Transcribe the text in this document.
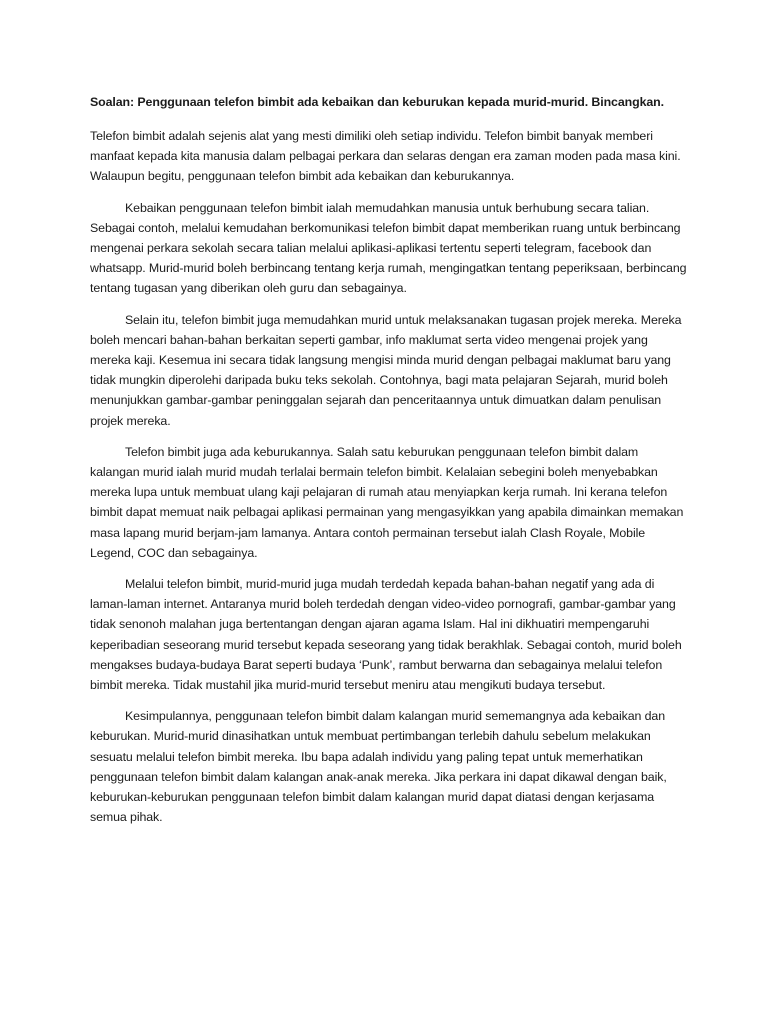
Soalan: Penggunaan telefon bimbit ada kebaikan dan keburukan kepada murid-murid. Bincangkan.

Telefon bimbit adalah sejenis alat yang mesti dimiliki oleh setiap individu. Telefon bimbit banyak memberi manfaat kepada kita manusia dalam pelbagai perkara dan selaras dengan era zaman moden pada masa kini. Walaupun begitu, penggunaan telefon bimbit ada kebaikan dan keburukannya.

Kebaikan penggunaan telefon bimbit ialah memudahkan manusia untuk berhubung secara talian. Sebagai contoh, melalui kemudahan berkomunikasi telefon bimbit dapat memberikan ruang untuk berbincang mengenai perkara sekolah secara talian melalui aplikasi-aplikasi tertentu seperti telegram, facebook dan whatsapp. Murid-murid boleh berbincang tentang kerja rumah, mengingatkan tentang peperiksaan, berbincang tentang tugasan yang diberikan oleh guru dan sebagainya.

Selain itu, telefon bimbit juga memudahkan murid untuk melaksanakan tugasan projek mereka. Mereka boleh mencari bahan-bahan berkaitan seperti gambar, info maklumat serta video mengenai projek yang mereka kaji. Kesemua ini secara tidak langsung mengisi minda murid dengan pelbagai maklumat baru yang tidak mungkin diperolehi daripada buku teks sekolah. Contohnya, bagi mata pelajaran Sejarah, murid boleh menunjukkan gambar-gambar peninggalan sejarah dan penceritaannya untuk dimuatkan dalam penulisan projek mereka.

Telefon bimbit juga ada keburukannya. Salah satu keburukan penggunaan telefon bimbit dalam kalangan murid ialah murid mudah terlalai bermain telefon bimbit. Kelalaian sebegini boleh menyebabkan mereka lupa untuk membuat ulang kaji pelajaran di rumah atau menyiapkan kerja rumah. Ini kerana telefon bimbit dapat memuat naik pelbagai aplikasi permainan yang mengasyikkan yang apabila dimainkan memakan masa lapang murid berjam-jam lamanya. Antara contoh permainan tersebut ialah Clash Royale, Mobile Legend, COC dan sebagainya.

Melalui telefon bimbit, murid-murid juga mudah terdedah kepada bahan-bahan negatif yang ada di laman-laman internet. Antaranya murid boleh terdedah dengan video-video pornografi, gambar-gambar yang tidak senonoh malahan juga bertentangan dengan ajaran agama Islam. Hal ini dikhuatiri mempengaruhi keperibadian seseorang murid tersebut kepada seseorang yang tidak berakhlak. Sebagai contoh, murid boleh mengakses budaya-budaya Barat seperti budaya ‘Punk’, rambut berwarna dan sebagainya melalui telefon bimbit mereka. Tidak mustahil jika murid-murid tersebut meniru atau mengikuti budaya tersebut.

Kesimpulannya, penggunaan telefon bimbit dalam kalangan murid sememangnya ada kebaikan dan keburukan. Murid-murid dinasihatkan untuk membuat pertimbangan terlebih dahulu sebelum melakukan sesuatu melalui telefon bimbit mereka. Ibu bapa adalah individu yang paling tepat untuk memerhatikan penggunaan telefon bimbit dalam kalangan anak-anak mereka. Jika perkara ini dapat dikawal dengan baik, keburukan-keburukan penggunaan telefon bimbit dalam kalangan murid dapat diatasi dengan kerjasama semua pihak.
